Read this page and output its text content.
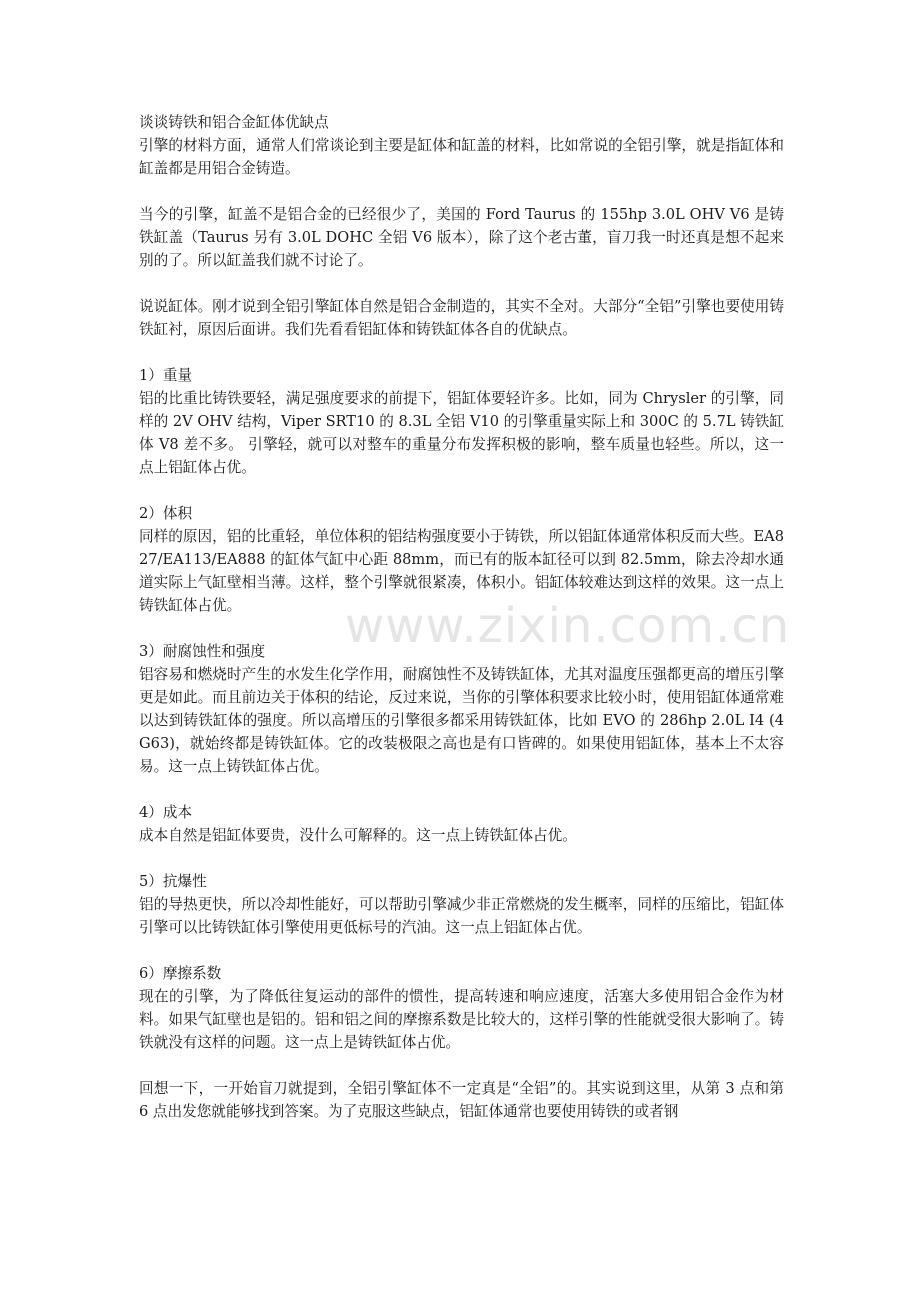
谈谈铸铁和铝合金缸体优缺点

引擎的材料方面，通常人们常谈论到主要是缸体和缸盖的材料，比如常说的全铝引擎，就是指缸体和缸盖都是用铝合金铸造。

当今的引擎，缸盖不是铝合金的已经很少了，美国的 Ford Taurus 的 155hp 3.0L OHV V6 是铸铁缸盖（Taurus 另有 3.0L DOHC 全铝 V6 版本），除了这个老古董，盲刀我一时还真是想不起来别的了。所以缸盖我们就不讨论了。

说说缸体。刚才说到全铝引擎缸体自然是铝合金制造的，其实不全对。大部分“全铝”引擎也要使用铸铁缸衬，原因后面讲。我们先看看铝缸体和铸铁缸体各自的优缺点。

1）重量
铝的比重比铸铁要轻，满足强度要求的前提下，铝缸体要轻许多。比如，同为 Chrysler 的引擎，同样的 2V OHV 结构，Viper SRT10 的 8.3L 全铝 V10 的引擎重量实际上和 300C 的 5.7L 铸铁缸体 V8 差不多。 引擎轻，就可以对整车的重量分布发挥积极的影响，整车质量也轻些。所以，这一点上铝缸体占优。

2）体积
同样的原因，铝的比重轻，单位体积的铝结构强度要小于铸铁，所以铝缸体通常体积反而大些。EA827/EA113/EA888 的缸体气缸中心距 88mm，而已有的版本缸径可以到 82.5mm，除去冷却水通道实际上气缸壁相当薄。这样，整个引擎就很紧凑，体积小。铝缸体较难达到这样的效果。这一点上铸铁缸体占优。

3）耐腐蚀性和强度
铝容易和燃烧时产生的水发生化学作用，耐腐蚀性不及铸铁缸体，尤其对温度压强都更高的增压引擎更是如此。而且前边关于体积的结论，反过来说，当你的引擎体积要求比较小时，使用铝缸体通常难以达到铸铁缸体的强度。所以高增压的引擎很多都采用铸铁缸体，比如 EVO 的 286hp 2.0L I4 (4G63)，就始终都是铸铁缸体。它的改装极限之高也是有口皆碑的。如果使用铝缸体，基本上不太容易。这一点上铸铁缸体占优。

4）成本
成本自然是铝缸体要贵，没什么可解释的。这一点上铸铁缸体占优。

5）抗爆性
铝的导热更快，所以冷却性能好，可以帮助引擎减少非正常燃烧的发生概率，同样的压缩比，铝缸体引擎可以比铸铁缸体引擎使用更低标号的汽油。这一点上铝缸体占优。

6）摩擦系数
现在的引擎，为了降低往复运动的部件的惯性，提高转速和响应速度，活塞大多使用铝合金作为材料。如果气缸壁也是铝的。铝和铝之间的摩擦系数是比较大的，这样引擎的性能就受很大影响了。铸铁就没有这样的问题。这一点上是铸铁缸体占优。

回想一下，一开始盲刀就提到，全铝引擎缸体不一定真是“全铝”的。其实说到这里，从第 3 点和第 6 点出发您就能够找到答案。为了克服这些缺点，铝缸体通常也要使用铸铁的或者钢

www.zixin.com.cn
